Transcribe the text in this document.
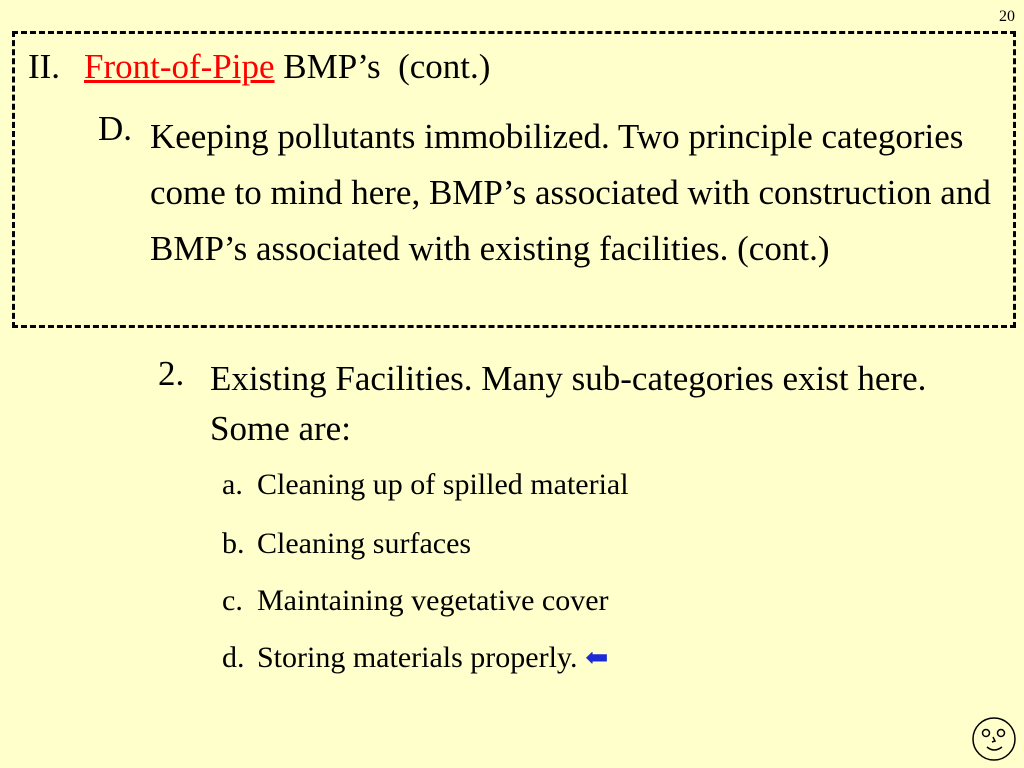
20
II. Front-of-Pipe BMP’s  (cont.)
D. Keeping pollutants immobilized. Two principle categories come to mind here, BMP’s associated with construction and BMP’s associated with existing facilities. (cont.)
2. Existing Facilities. Many sub-categories exist here. Some are:
a. Cleaning up of spilled material
b. Cleaning surfaces
c. Maintaining vegetative cover
d. Storing materials properly. ⬅
